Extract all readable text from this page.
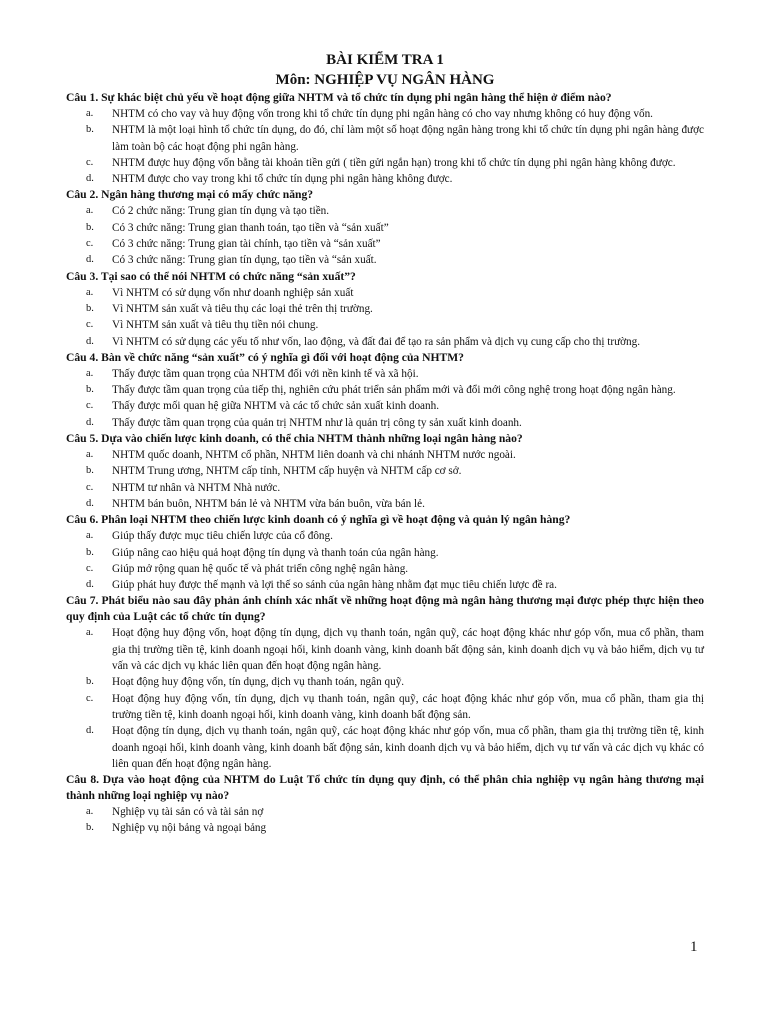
BÀI KIỂM TRA 1

Môn: NGHIỆP VỤ NGÂN HÀNG

Câu 1. Sự khác biệt chủ yếu về hoạt động giữa NHTM và tổ chức tín dụng phi ngân hàng thể hiện ở điểm nào?

a. NHTM có cho vay và huy động vốn trong khi tổ chức tín dụng phi ngân hàng có cho vay nhưng không có huy động vốn.
b. NHTM là một loại hình tổ chức tín dụng, do đó, chỉ làm một số hoạt động ngân hàng trong khi tổ chức tín dụng phi ngân hàng được làm toàn bộ các hoạt động phi ngân hàng.
c. NHTM được huy động vốn bằng tài khoản tiền gửi ( tiền gửi ngắn hạn) trong khi tổ chức tín dụng phi ngân hàng không được.
d. NHTM được cho vay trong khi tổ chức tín dụng phi ngân hàng không được.

Câu 2. Ngân hàng thương mại có mấy chức năng?

a. Có 2 chức năng: Trung gian tín dụng và tạo tiền.
b. Có 3 chức năng: Trung gian thanh toán, tạo tiền và “sản xuất”
c. Có 3 chức năng: Trung gian tài chính, tạo tiền và “sản xuất”
d. Có 3 chức năng: Trung gian tín dụng, tạo tiền và “sản xuất.

Câu 3. Tại sao có thể nói NHTM có chức năng “sản xuất”?

a. Vì NHTM có sử dụng vốn như doanh nghiệp sản xuất
b. Vì NHTM sản xuất và tiêu thụ các loại thẻ trên thị trường.
c. Vì NHTM sản xuất và tiêu thụ tiền nói chung.
d. Vì NHTM có sử dụng các yếu tố như vốn, lao động, và đất đai để tạo ra sản phẩm và dịch vụ cung cấp cho thị trường.

Câu 4. Bàn về chức năng “sản xuất” có ý nghĩa gì đối với hoạt động của NHTM?

a. Thấy được tầm quan trọng của NHTM đối với nền kinh tế và xã hội.
b. Thấy được tầm quan trọng của tiếp thị, nghiên cứu phát triển sản phẩm mới và đổi mới công nghệ trong hoạt động ngân hàng.
c. Thấy được mối quan hệ giữa NHTM và các tổ chức sản xuất kinh doanh.
d. Thấy được tầm quan trọng của quản trị NHTM như là quản trị công ty sản xuất kinh doanh.

Câu 5. Dựa vào chiến lược kinh doanh, có thể chia NHTM thành những loại ngân hàng nào?

a. NHTM quốc doanh, NHTM cổ phần, NHTM liên doanh và chi nhánh NHTM nước ngoài.
b. NHTM Trung ương, NHTM cấp tỉnh, NHTM cấp huyện và NHTM cấp cơ sở.
c. NHTM tư nhân và NHTM Nhà nước.
d. NHTM bán buôn, NHTM bán lẻ và NHTM vừa bán buôn, vừa bán lẻ.

Câu 6. Phân loại NHTM theo chiến lược kinh doanh có ý nghĩa gì về hoạt động và quản lý ngân hàng?

a. Giúp thấy được mục tiêu chiến lược của cổ đông.
b. Giúp nâng cao hiệu quả hoạt động tín dụng và thanh toán của ngân hàng.
c. Giúp mở rộng quan hệ quốc tế và phát triển công nghệ ngân hàng.
d. Giúp phát huy được thế mạnh và lợi thế so sánh của ngân hàng nhằm đạt mục tiêu chiến lược đề ra.

Câu 7. Phát biểu nào sau đây phản ánh chính xác nhất về những hoạt động mà ngân hàng thương mại được phép thực hiện theo quy định của Luật các tổ chức tín dụng?

a. Hoạt động huy động vốn, hoạt động tín dụng, dịch vụ thanh toán, ngân quỹ, các hoạt động khác như góp vốn, mua cổ phần, tham gia thị trường tiền tệ, kinh doanh ngoại hối, kinh doanh vàng, kinh doanh bất động sản, kinh doanh dịch vụ và bảo hiểm, dịch vụ tư vấn và các dịch vụ khác liên quan đến hoạt động ngân hàng.
b. Hoạt động huy động vốn, tín dụng, dịch vụ thanh toán, ngân quỹ.
c. Hoạt động huy động vốn, tín dụng, dịch vụ thanh toán, ngân quỹ, các hoạt động khác như góp vốn, mua cổ phần, tham gia thị trường tiền tệ, kinh doanh ngoại hối, kinh doanh vàng, kinh doanh bất động sản.
d. Hoạt động tín dụng, dịch vụ thanh toán, ngân quỹ, các hoạt động khác như góp vốn, mua cổ phần, tham gia thị trường tiền tệ, kinh doanh ngoại hối, kinh doanh vàng, kinh doanh bất động sản, kinh doanh dịch vụ và bảo hiểm, dịch vụ tư vấn và các dịch vụ khác có liên quan đến hoạt động ngân hàng.

Câu 8. Dựa vào hoạt động của NHTM do Luật Tổ chức tín dụng quy định, có thể phân chia nghiệp vụ ngân hàng thương mại thành những loại nghiệp vụ nào?

a. Nghiệp vụ tài sản có và tài sản nợ
b. Nghiệp vụ nội bảng và ngoại bảng
1
